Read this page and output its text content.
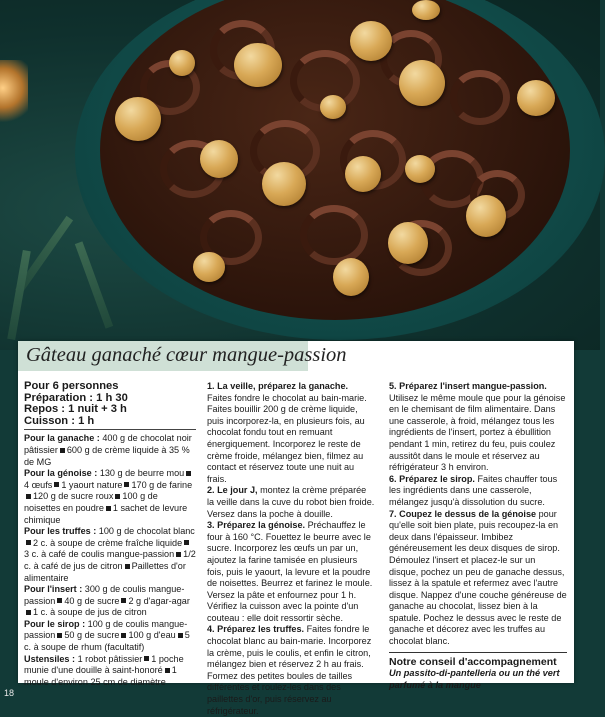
Gâteau ganaché cœur mangue-passion

Pour 6 personnes

Préparation : 1 h 30

Repos : 1 nuit + 3 h

Cuisson : 1 h

Pour la ganache : 400 g de chocolat noir pâtissier 600 g de crème liquide à 35 % de MG

Pour la génoise : 130 g de beurre mou4 œufs 1 yaourt nature 170 g de farine120 g de sucre roux 100 g de noisettes en poudre 1 sachet de levure chimique

Pour les truffes : 100 g de chocolat blanc2 c. à soupe de crème fraîche liquide3 c. à café de coulis mangue-passion 1/2 c. à café de jus de citron Paillettes d'or alimentaire

Pour l'insert : 300 g de coulis mangue-passion 40 g de sucre 2 g d'agar-agar1 c. à soupe de jus de citron

Pour le sirop : 100 g de coulis mangue-passion 50 g de sucre 100 g d'eau 5 c. à soupe de rhum (facultatif)

Ustensiles : 1 robot pâtissier 1 poche munie d'une douille à saint-honoré 1 moule d'environ 25 cm de diamètre

1. La veille, préparez la ganache. Faites fondre le chocolat au bain-marie. Faites bouillir 200 g de crème liquide, puis incorporez-la, en plusieurs fois, au chocolat fondu tout en remuant énergiquement. Incorporez le reste de crème froide, mélangez bien, filmez au contact et réservez toute une nuit au frais.

2. Le jour J, montez la crème préparée la veille dans la cuve du robot bien froide. Versez dans la poche à douille.

3. Préparez la génoise. Préchauffez le four à 160 °C. Fouettez le beurre avec le sucre. Incorporez les œufs un par un, ajoutez la farine tamisée en plusieurs fois, puis le yaourt, la levure et la poudre de noisettes. Beurrez et farinez le moule. Versez la pâte et enfournez pour 1 h. Vérifiez la cuisson avec la pointe d'un couteau : elle doit ressortir sèche.

4. Préparez les truffes. Faites fondre le chocolat blanc au bain-marie. Incorporez la crème, puis le coulis, et enfin le citron, mélangez bien et réservez 2 h au frais. Formez des petites boules de tailles différentes et roulez-les dans des paillettes d'or, puis réservez au réfrigérateur.

5. Préparez l'insert mangue-passion. Utilisez le même moule que pour la génoise en le chemisant de film alimentaire. Dans une casserole, à froid, mélangez tous les ingrédients de l'insert, portez à ébullition pendant 1 min, retirez du feu, puis coulez aussitôt dans le moule et réservez au réfrigérateur 3 h environ.

6. Préparez le sirop. Faites chauffer tous les ingrédients dans une casserole, mélangez jusqu'à dissolution du sucre.

7. Coupez le dessus de la génoise pour qu'elle soit bien plate, puis recoupez-la en deux dans l'épaisseur. Imbibez généreusement les deux disques de sirop. Démoulez l'insert et placez-le sur un disque, pochez un peu de ganache dessus, lissez à la spatule et refermez avec l'autre disque. Nappez d'une couche généreuse de ganache au chocolat, lissez bien à la spatule. Pochez le dessus avec le reste de ganache et décorez avec les truffes au chocolat blanc.

Notre conseil d'accompagnement

Un passito-di-pantelleria ou un thé vert parfumé à la mangue

18
